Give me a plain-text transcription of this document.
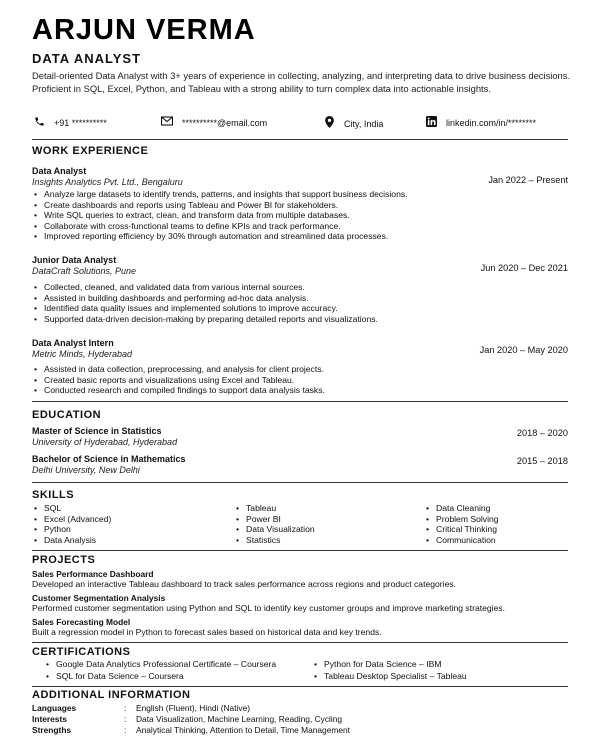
ARJUN VERMA
DATA ANALYST
Detail-oriented Data Analyst with 3+ years of experience in collecting, analyzing, and interpreting data to drive business decisions. Proficient in SQL, Excel, Python, and Tableau with a strong ability to turn complex data into actionable insights.
+91 **********	**********@email.com	City, India	linkedin.com/in/********
WORK EXPERIENCE
Data Analyst
Insights Analytics Pvt. Ltd., Bengaluru	Jan 2022 – Present
• Analyze large datasets to identify trends, patterns, and insights that support business decisions.
• Create dashboards and reports using Tableau and Power BI for stakeholders.
• Write SQL queries to extract, clean, and transform data from multiple databases.
• Collaborate with cross-functional teams to define KPIs and track performance.
• Improved reporting efficiency by 30% through automation and streamlined data processes.
Junior Data Analyst
DataCraft Solutions, Pune	Jun 2020 – Dec 2021
• Collected, cleaned, and validated data from various internal sources.
• Assisted in building dashboards and performing ad-hoc data analysis.
• Identified data quality issues and implemented solutions to improve accuracy.
• Supported data-driven decision-making by preparing detailed reports and visualizations.
Data Analyst Intern
Metric Minds, Hyderabad	Jan 2020 – May 2020
• Assisted in data collection, preprocessing, and analysis for client projects.
• Created basic reports and visualizations using Excel and Tableau.
• Conducted research and compiled findings to support data analysis tasks.
EDUCATION
Master of Science in Statistics
University of Hyderabad, Hyderabad
2018 – 2020
Bachelor of Science in Mathematics
Delhi University, New Delhi
2015 – 2018
SKILLS
• SQL
• Excel (Advanced)
• Python
• Data Analysis
• Tableau
• Power BI
• Data Visualization
• Statistics
• Data Cleaning
• Problem Solving
• Critical Thinking
• Communication
PROJECTS
Sales Performance Dashboard
Developed an interactive Tableau dashboard to track sales performance across regions and product categories.
Customer Segmentation Analysis
Performed customer segmentation using Python and SQL to identify key customer groups and improve marketing strategies.
Sales Forecasting Model
Built a regression model in Python to forecast sales based on historical data and key trends.
CERTIFICATIONS
• Google Data Analytics Professional Certificate – Coursera
• SQL for Data Science – Coursera
• Python for Data Science – IBM
• Tableau Desktop Specialist – Tableau
ADDITIONAL INFORMATION
Languages	: English (Fluent), Hindi (Native)
Interests	: Data Visualization, Machine Learning, Reading, Cycling
Strengths	: Analytical Thinking, Attention to Detail, Time Management
